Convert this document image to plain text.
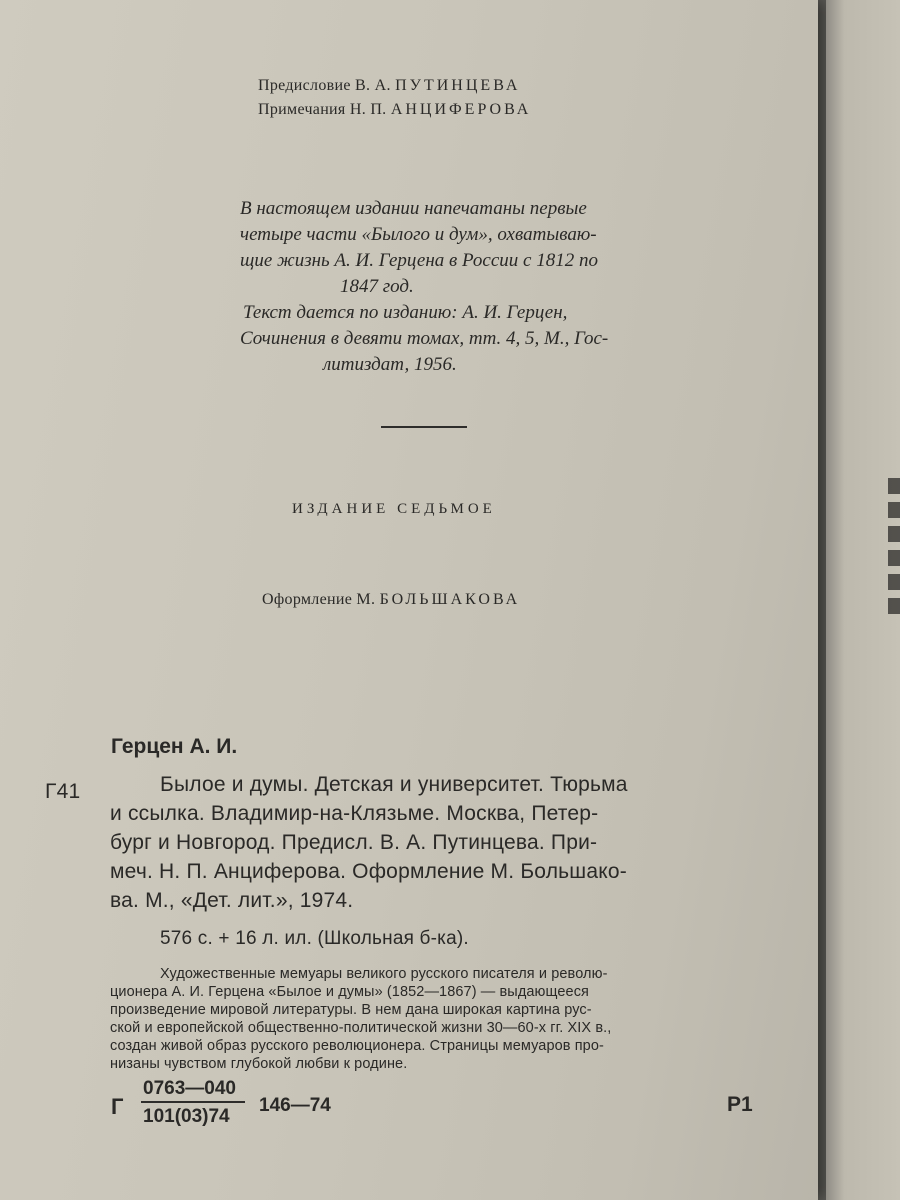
Предисловие В. А. ПУТИНЦЕВА
Примечания Н. П. АНЦИФЕРОВА
В настоящем издании напечатаны первые
четыре части «Былого и дум», охватываю-
щие жизнь А. И. Герцена в России с 1812 по
1847 год.
Текст дается по изданию: А. И. Герцен,
Сочинения в девяти томах, тт. 4, 5, М., Гос-
литиздат, 1956.
ИЗДАНИЕ СЕДЬМОЕ
Оформление М. БОЛЬШАКОВА
Герцен А. И.
Г41	Былое и думы. Детская и университет. Тюрьма
и ссылка. Владимир-на-Клязьме. Москва, Петер-
бург и Новгород. Предисл. В. А. Путинцева. При-
меч. Н. П. Анциферова. Оформление М. Большако-
ва. М., «Дет. лит.», 1974.
576 с. + 16 л. ил. (Школьная б-ка).
Художественные мемуары великого русского писателя и револю-
ционера А. И. Герцена «Былое и думы» (1852—1867) — выдающееся
произведение мировой литературы. В нем дана широкая картина рус-
ской и европейской общественно-политической жизни 30—60-х гг. XIX в.,
создан живой образ русского революционера. Страницы мемуаров про-
низаны чувством глубокой любви к родине.
Г
0763—040
101(03)74
146—74	Р1
